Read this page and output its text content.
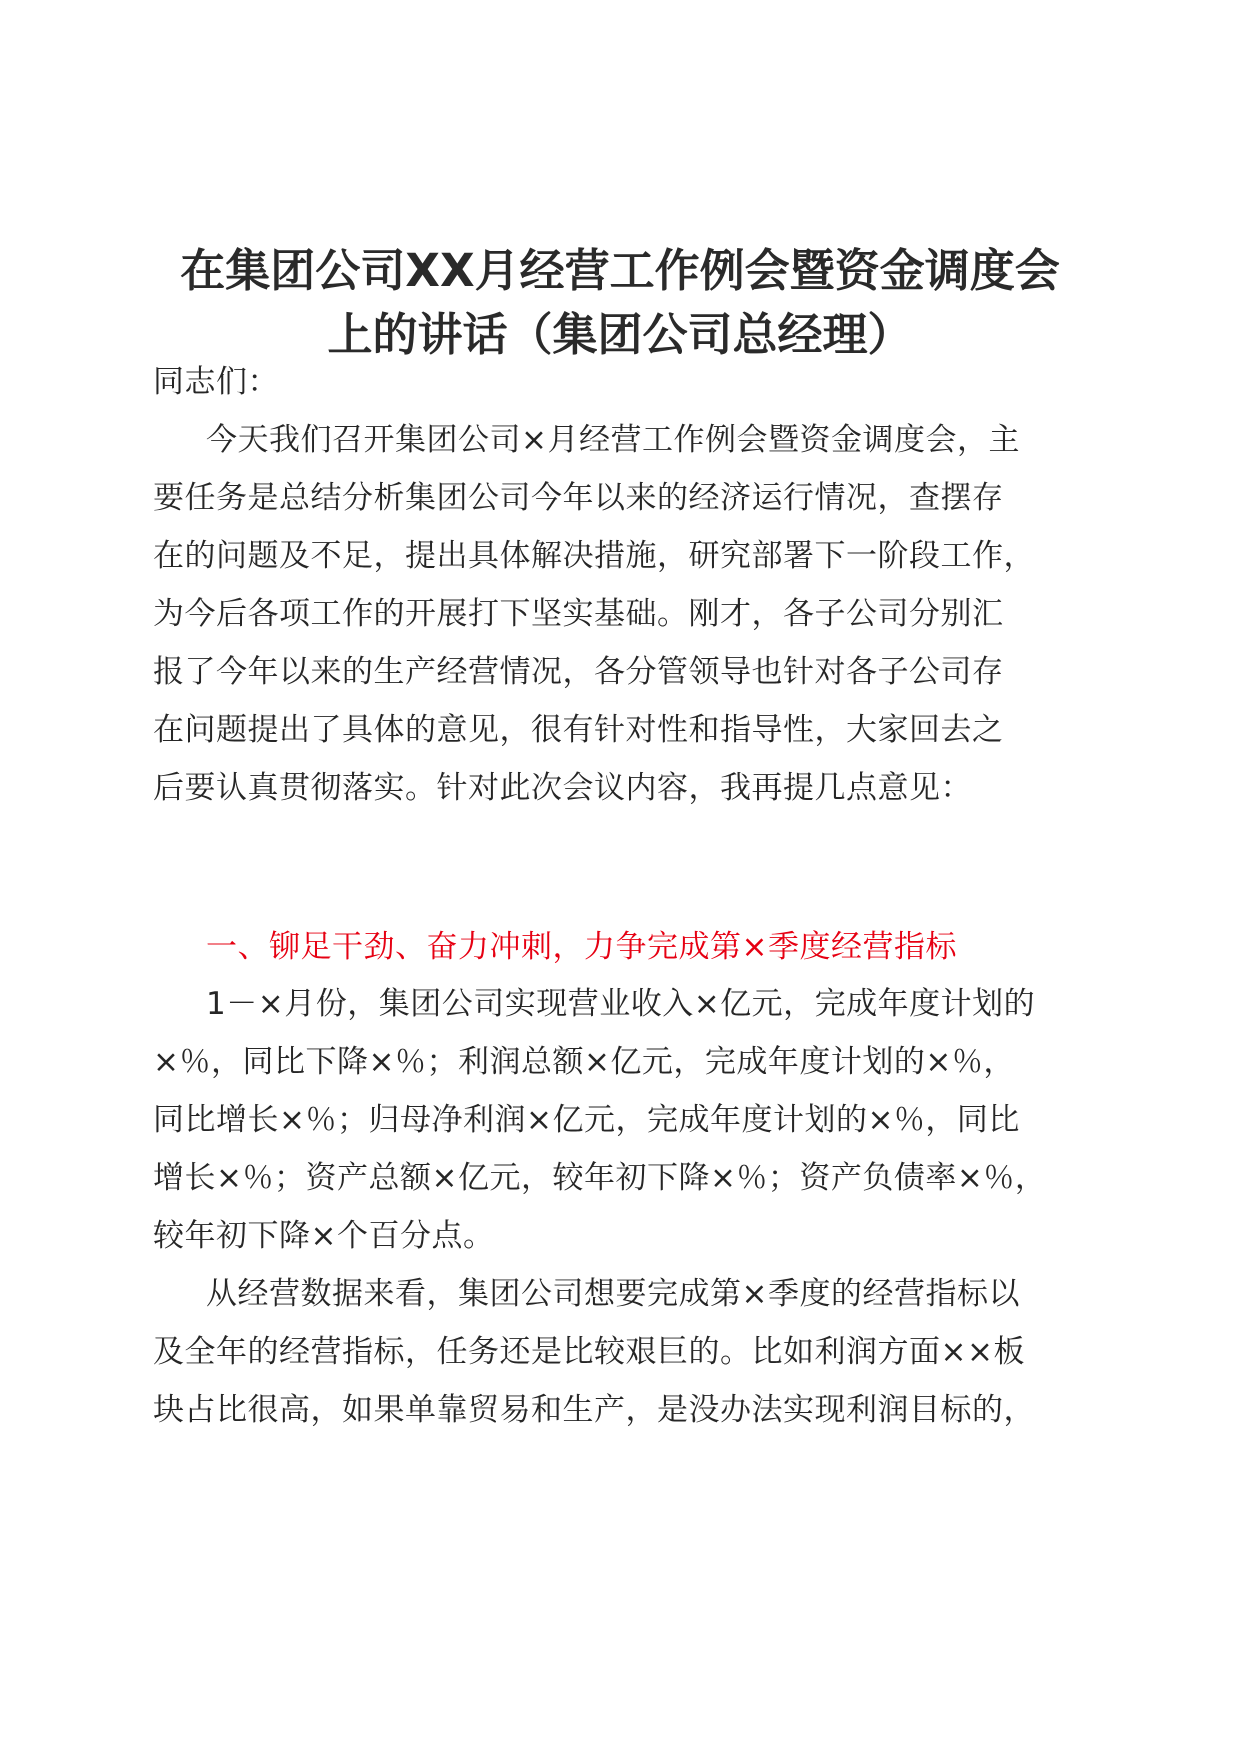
在集团公司XX月经营工作例会暨资金调度会
上的讲话（集团公司总经理）
同志们：
今天我们召开集团公司×月经营工作例会暨资金调度会，主
要任务是总结分析集团公司今年以来的经济运行情况，查摆存
在的问题及不足，提出具体解决措施，研究部署下一阶段工作，
为今后各项工作的开展打下坚实基础。刚才，各子公司分别汇
报了今年以来的生产经营情况，各分管领导也针对各子公司存
在问题提出了具体的意见，很有针对性和指导性，大家回去之
后要认真贯彻落实。针对此次会议内容，我再提几点意见：
一、铆足干劲、奋力冲刺，力争完成第×季度经营指标
1－×月份，集团公司实现营业收入×亿元，完成年度计划的
×％，同比下降×％；利润总额×亿元，完成年度计划的×％，
同比增长×％；归母净利润×亿元，完成年度计划的×％，同比
增长×％；资产总额×亿元，较年初下降×％；资产负债率×％，
较年初下降×个百分点。
从经营数据来看，集团公司想要完成第×季度的经营指标以
及全年的经营指标，任务还是比较艰巨的。比如利润方面××板
块占比很高，如果单靠贸易和生产，是没办法实现利润目标的，
